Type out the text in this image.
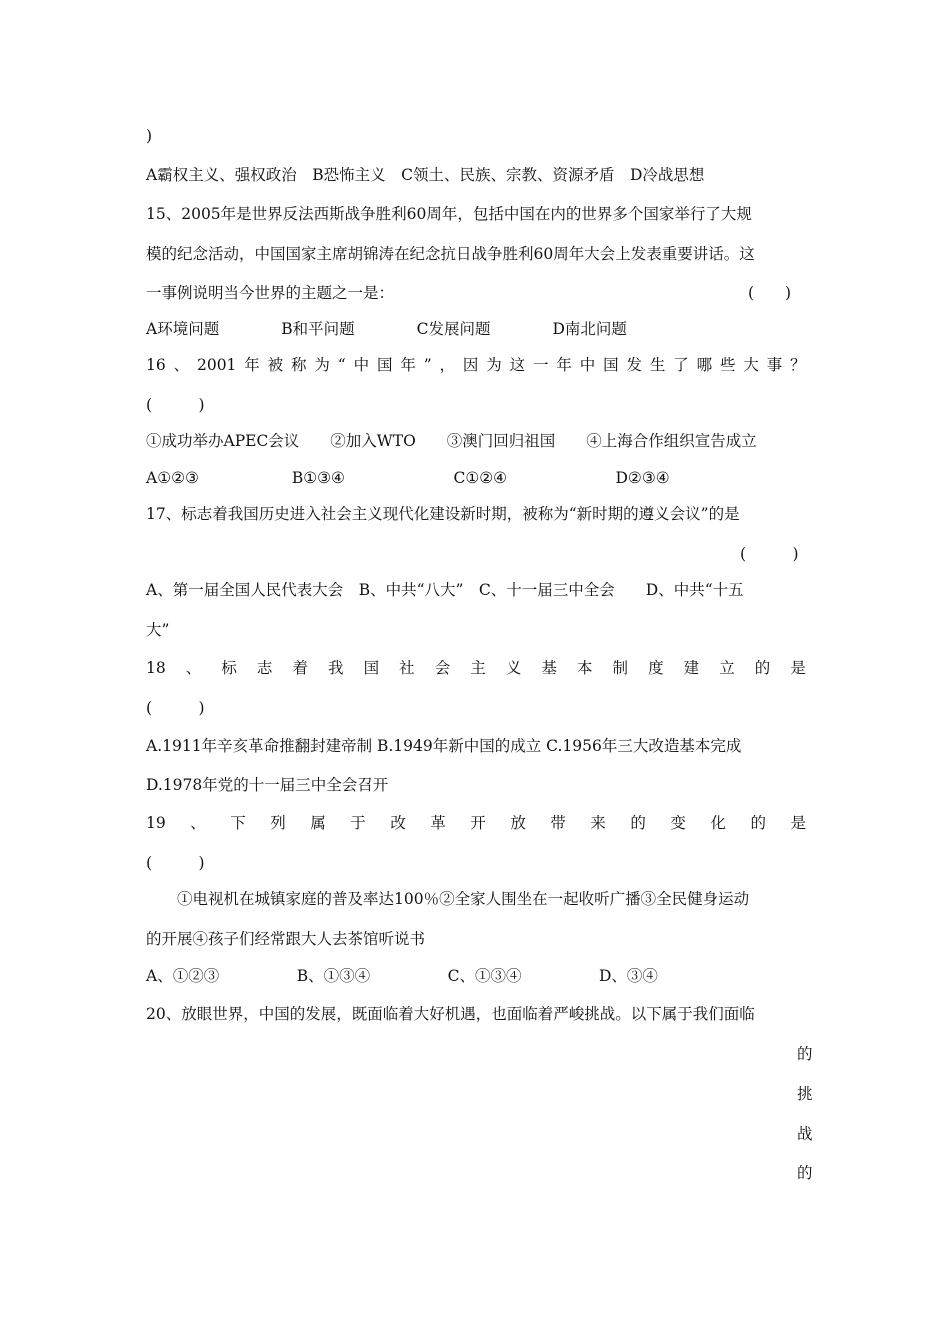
)
A霸权主义、强权政治　B恐怖主义　C领土、民族、宗教、资源矛盾　D冷战思想
15、2005年是世界反法西斯战争胜利60周年，包括中国在内的世界多个国家举行了大规
模的纪念活动，中国国家主席胡锦涛在纪念抗日战争胜利60周年大会上发表重要讲话。这
一事例说明当今世界的主题之一是：	(　　)
A环境问题　　　　B和平问题　　　　C发展问题　　　　D南北问题
16 、 2001 年 被 称 为 “ 中 国 年 ” ， 因 为 这 一 年 中 国 发 生 了 哪 些 大 事 ？
(　　　)
①成功举办APEC会议　　②加入WTO　　③澳门回归祖国　　④上海合作组织宣告成立
A①②③　　　　　　B①③④　　　　　　　C①②④　　　　　　　D②③④
17、标志着我国历史进入社会主义现代化建设新时期，被称为“新时期的遵义会议”的是
(　　　)
A、第一届全国人民代表大会　B、中共“八大”　C、十一届三中全会　　D、中共“十五
大”
18 、 标 志 着 我 国 社 会 主 义 基 本 制 度 建 立 的 是
(　　　)
A.1911年辛亥革命推翻封建帝制 B.1949年新中国的成立 C.1956年三大改造基本完成
D.1978年党的十一届三中全会召开
19 、 下 列 属 于 改 革 开 放 带 来 的 变 化 的 是
(　　　)
　　①电视机在城镇家庭的普及率达100％②全家人围坐在一起收听广播③全民健身运动
的开展④孩子们经常跟大人去茶馆听说书
A、①②③　　　　　B、①③④　　　　　C、①③④　　　　　D、③④
20、放眼世界，中国的发展，既面临着大好机遇，也面临着严峻挑战。以下属于我们面临
的
挑
战
的
